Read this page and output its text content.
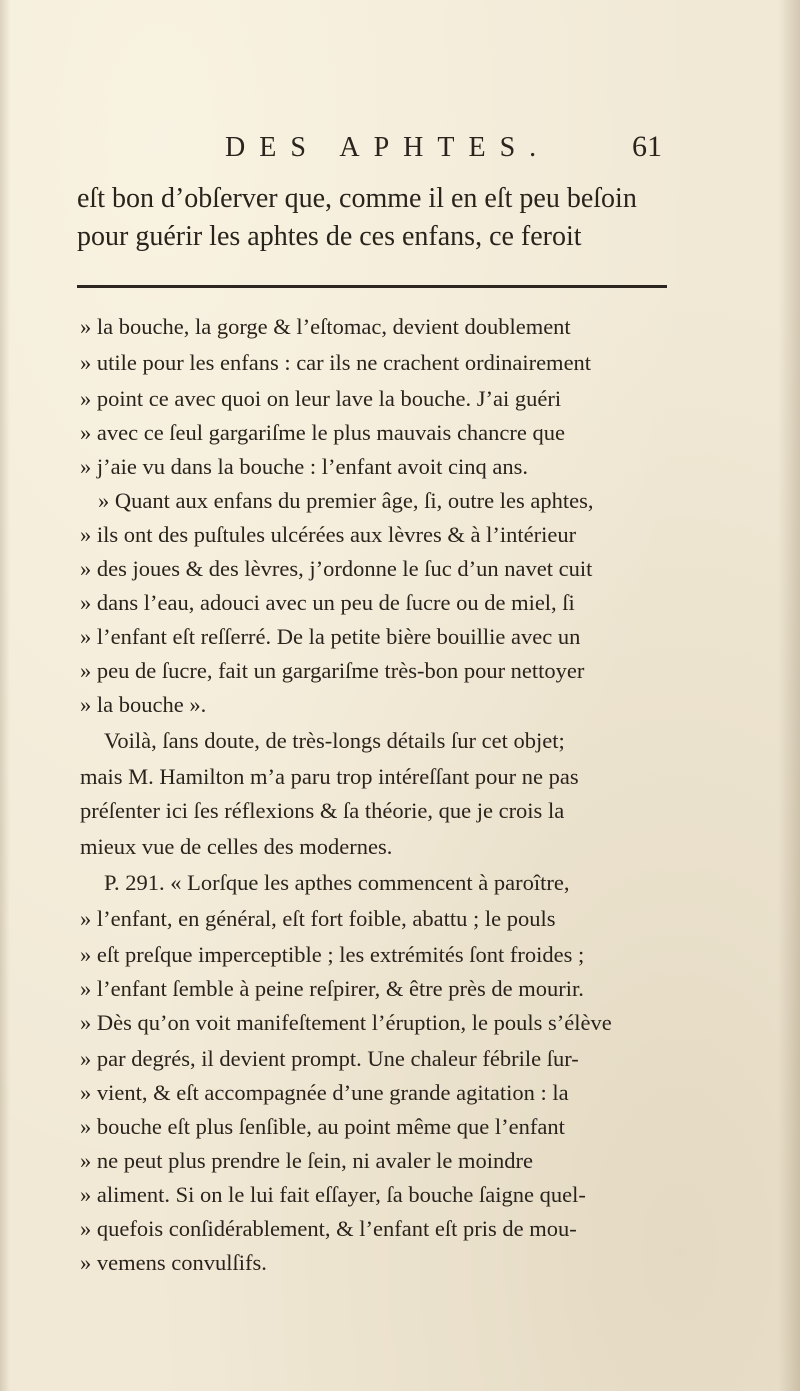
DES APHTES.	61
eſt bon d’obſerver que, comme il en eſt peu beſoin
pour guérir les aphtes de ces enfans, ce feroit
» la bouche, la gorge & l’eſtomac, devient doublement
» utile pour les enfans : car ils ne crachent ordinairement
» point ce avec quoi on leur lave la bouche. J’ai guéri
» avec ce ſeul gargariſme le plus mauvais chancre que
» j’aie vu dans la bouche : l’enfant avoit cinq ans.
» Quant aux enfans du premier âge, ſi, outre les aphtes,
» ils ont des puſtules ulcérées aux lèvres & à l’intérieur
» des joues & des lèvres, j’ordonne le ſuc d’un navet cuit
» dans l’eau, adouci avec un peu de ſucre ou de miel, ſi
» l’enfant eſt reſſerré. De la petite bière bouillie avec un
» peu de ſucre, fait un gargariſme très-bon pour nettoyer
» la bouche ».
Voilà, ſans doute, de très-longs détails ſur cet objet;
mais M. Hamilton m’a paru trop intéreſſant pour ne pas
préſenter ici ſes réflexions & ſa théorie, que je crois la
mieux vue de celles des modernes.
P. 291. « Lorſque les apthes commencent à paroître,
» l’enfant, en général, eſt fort foible, abattu ; le pouls
» eſt preſque imperceptible ; les extrémités ſont froides ;
» l’enfant ſemble à peine reſpirer, & être près de mourir.
» Dès qu’on voit manifeſtement l’éruption, le pouls s’élève
» par degrés, il devient prompt. Une chaleur fébrile ſur-
» vient, & eſt accompagnée d’une grande agitation : la
» bouche eſt plus ſenſible, au point même que l’enfant
» ne peut plus prendre le ſein, ni avaler le moindre
» aliment. Si on le lui fait eſſayer, ſa bouche ſaigne quel-
» quefois conſidérablement, & l’enfant eſt pris de mou-
» vemens convulſifs.
